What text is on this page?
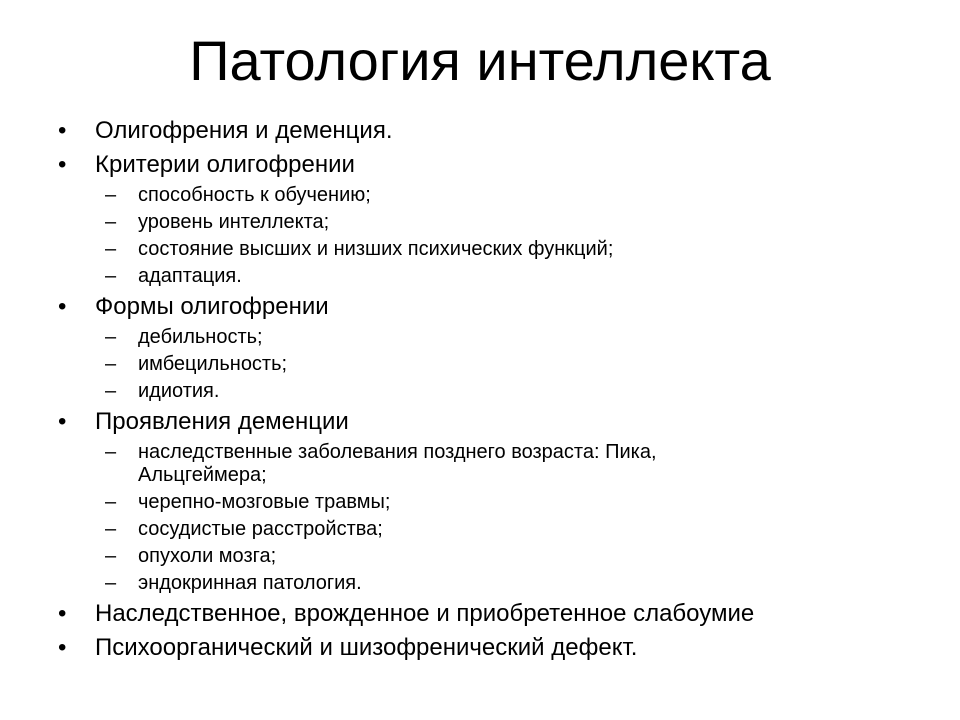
Патология интеллекта
• Олигофрения и деменция.
• Критерии олигофрении
– способность к обучению;
– уровень интеллекта;
– состояние высших и низших психических функций;
– адаптация.
• Формы олигофрении
– дебильность;
– имбецильность;
– идиотия.
• Проявления деменции
– наследственные заболевания позднего возраста: Пика, Альцгеймера;
– черепно-мозговые травмы;
– сосудистые расстройства;
– опухоли мозга;
– эндокринная патология.
• Наследственное, врожденное и приобретенное слабоумие
• Психоорганический и шизофренический дефект.
